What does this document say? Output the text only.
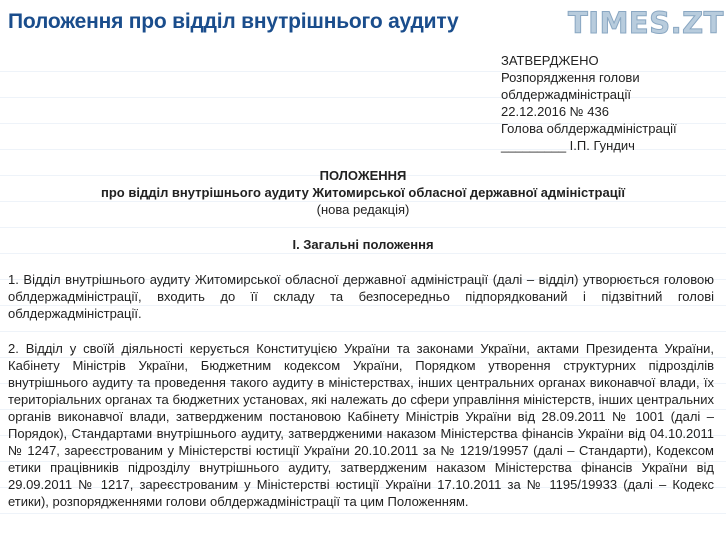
Положення про відділ внутрішнього аудиту	TIMES.ZT
ЗАТВЕРДЖЕНО
Розпорядження голови
облдержадміністрації
22.12.2016 № 436
Голова облдержадміністрації
_________ І.П. Гундич
ПОЛОЖЕННЯ
про відділ внутрішнього аудиту Житомирської обласної державної адміністрації
(нова редакція)
І. Загальні положення
1. Відділ внутрішнього аудиту Житомирської обласної державної адміністрації (далі – відділ) утворюється головою облдержадміністрації, входить до її складу та безпосередньо підпорядкований і підзвітний голові облдержадміністрації.
2. Відділ у своїй діяльності керується Конституцією України та законами України, актами Президента України, Кабінету Міністрів України, Бюджетним кодексом України, Порядком утворення структурних підрозділів внутрішнього аудиту та проведення такого аудиту в міністерствах, інших центральних органах виконавчої влади, їх територіальних органах та бюджетних установах, які належать до сфери управління міністерств, інших центральних органів виконавчої влади, затвердженим постановою Кабінету Міністрів України від 28.09.2011 № 1001 (далі – Порядок), Стандартами внутрішнього аудиту, затвердженими наказом Міністерства фінансів України від 04.10.2011 № 1247, зареєстрованим у Міністерстві юстиції України 20.10.2011 за № 1219/19957 (далі – Стандарти), Кодексом етики працівників підрозділу внутрішнього аудиту, затвердженим наказом Міністерства фінансів України від 29.09.2011 № 1217, зареєстрованим у Міністерстві юстиції України 17.10.2011 за № 1195/19933 (далі – Кодекс етики), розпорядженнями голови облдержадміністрації та цим Положенням.
